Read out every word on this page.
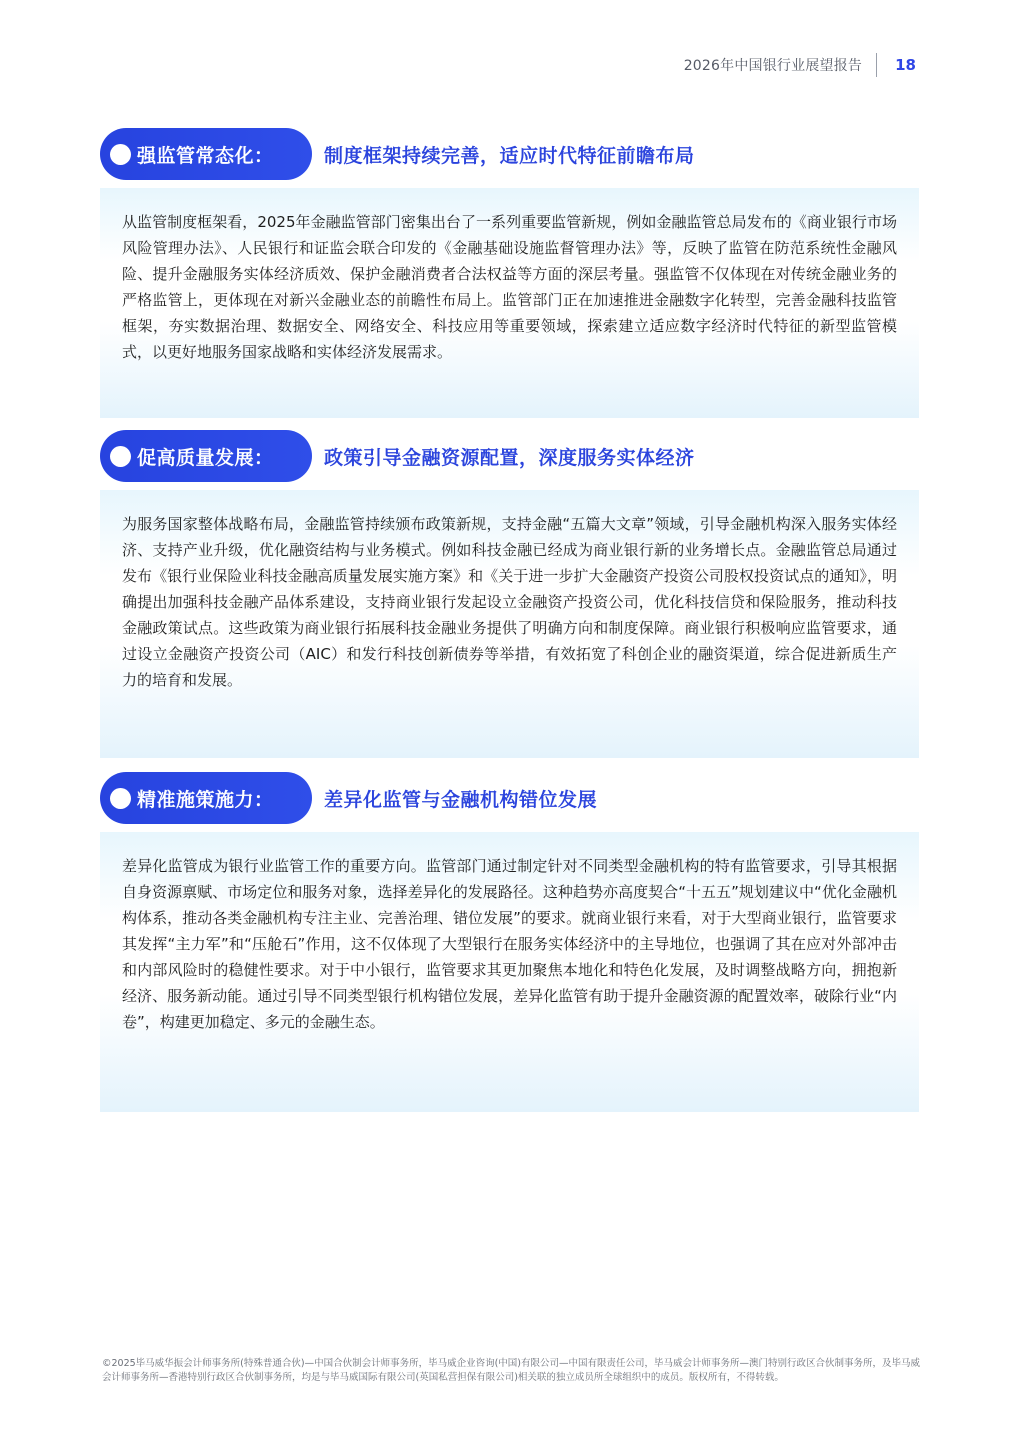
2026年中国银行业展望报告 18
强监管常态化：	制度框架持续完善，适应时代特征前瞻布局

从监管制度框架看，2025年金融监管部门密集出台了一系列重要监管新规，例如金融监管总局发布的《商业银行市场风险管理办法》、人民银行和证监会联合印发的《金融基础设施监督管理办法》等，反映了监管在防范系统性金融风险、提升金融服务实体经济质效、保护金融消费者合法权益等方面的深层考量。强监管不仅体现在对传统金融业务的严格监管上，更体现在对新兴金融业态的前瞻性布局上。监管部门正在加速推进金融数字化转型，完善金融科技监管框架，夯实数据治理、数据安全、网络安全、科技应用等重要领域，探索建立适应数字经济时代特征的新型监管模式，以更好地服务国家战略和实体经济发展需求。

促高质量发展：	政策引导金融资源配置，深度服务实体经济

为服务国家整体战略布局，金融监管持续颁布政策新规，支持金融“五篇大文章”领域，引导金融机构深入服务实体经济、支持产业升级，优化融资结构与业务模式。例如科技金融已经成为商业银行新的业务增长点。金融监管总局通过发布《银行业保险业科技金融高质量发展实施方案》和《关于进一步扩大金融资产投资公司股权投资试点的通知》，明确提出加强科技金融产品体系建设，支持商业银行发起设立金融资产投资公司，优化科技信贷和保险服务，推动科技金融政策试点。这些政策为商业银行拓展科技金融业务提供了明确方向和制度保障。商业银行积极响应监管要求，通过设立金融资产投资公司（AIC）和发行科技创新债券等举措，有效拓宽了科创企业的融资渠道，综合促进新质生产力的培育和发展。

精准施策施力：	差异化监管与金融机构错位发展

差异化监管成为银行业监管工作的重要方向。监管部门通过制定针对不同类型金融机构的特有监管要求，引导其根据自身资源禀赋、市场定位和服务对象，选择差异化的发展路径。这种趋势亦高度契合“十五五”规划建议中“优化金融机构体系，推动各类金融机构专注主业、完善治理、错位发展”的要求。就商业银行来看，对于大型商业银行，监管要求其发挥“主力军”和“压舱石”作用，这不仅体现了大型银行在服务实体经济中的主导地位，也强调了其在应对外部冲击和内部风险时的稳健性要求。对于中小银行，监管要求其更加聚焦本地化和特色化发展，及时调整战略方向，拥抱新经济、服务新动能。通过引导不同类型银行机构错位发展，差异化监管有助于提升金融资源的配置效率，破除行业“内卷”，构建更加稳定、多元的金融生态。

©2025毕马威华振会计师事务所(特殊普通合伙)—中国合伙制会计师事务所，毕马威企业咨询(中国)有限公司—中国有限责任公司，毕马威会计师事务所—澳门特别行政区合伙制事务所，及毕马威会计师事务所—香港特别行政区合伙制事务所，均是与毕马威国际有限公司(英国私营担保有限公司)相关联的独立成员所全球组织中的成员。版权所有，不得转载。
